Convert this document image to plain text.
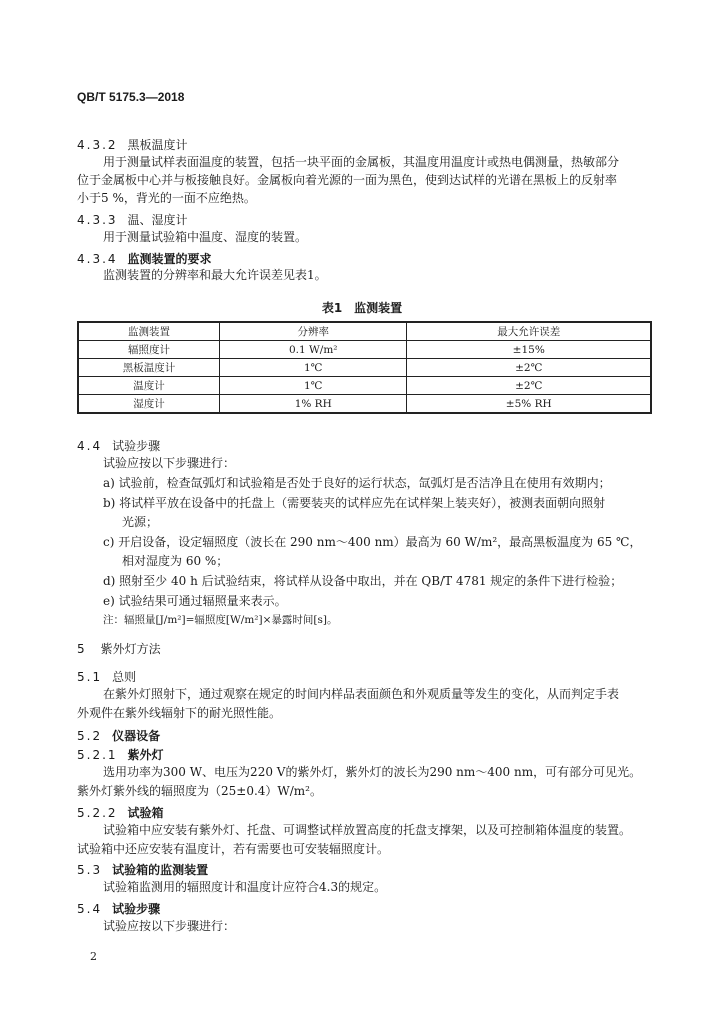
QB/T 5175.3—2018
4.3.2 黑板温度计
用于测量试样表面温度的装置，包括一块平面的金属板，其温度用温度计或热电偶测量，热敏部分
位于金属板中心并与板接触良好。金属板向着光源的一面为黑色，使到达试样的光谱在黑板上的反射率
小于5 %，背光的一面不应绝热。
4.3.3 温、湿度计
用于测量试验箱中温度、湿度的装置。
4.3.4 监测装置的要求
监测装置的分辨率和最大允许误差见表1。
表1　监测装置
监测装置	分辨率	最大允许误差
辐照度计	0.1 W/m²	±15%
黑板温度计	1℃	±2℃
温度计	1℃	±2℃
湿度计	1% RH	±5% RH
4.4 试验步骤
试验应按以下步骤进行：
a) 试验前，检查氙弧灯和试验箱是否处于良好的运行状态，氙弧灯是否洁净且在使用有效期内；
b) 将试样平放在设备中的托盘上（需要装夹的试样应先在试样架上装夹好），被测表面朝向照射
光源；
c) 开启设备，设定辐照度（波长在 290 nm～400 nm）最高为 60 W/m²，最高黑板温度为 65 ℃，
相对湿度为 60 %；
d) 照射至少 40 h 后试验结束，将试样从设备中取出，并在 QB/T 4781 规定的条件下进行检验；
e) 试验结果可通过辐照量来表示。
注：辐照量[J/m²]=辐照度[W/m²]×暴露时间[s]。
5 紫外灯方法
5.1 总则
在紫外灯照射下，通过观察在规定的时间内样品表面颜色和外观质量等发生的变化，从而判定手表
外观件在紫外线辐射下的耐光照性能。
5.2 仪器设备
5.2.1 紫外灯
选用功率为300 W、电压为220 V的紫外灯，紫外灯的波长为290 nm～400 nm，可有部分可见光。
紫外灯紫外线的辐照度为（25±0.4）W/m²。
5.2.2 试验箱
试验箱中应安装有紫外灯、托盘、可调整试样放置高度的托盘支撑架，以及可控制箱体温度的装置。
试验箱中还应安装有温度计，若有需要也可安装辐照度计。
5.3 试验箱的监测装置
试验箱监测用的辐照度计和温度计应符合4.3的规定。
5.4 试验步骤
试验应按以下步骤进行：
2
